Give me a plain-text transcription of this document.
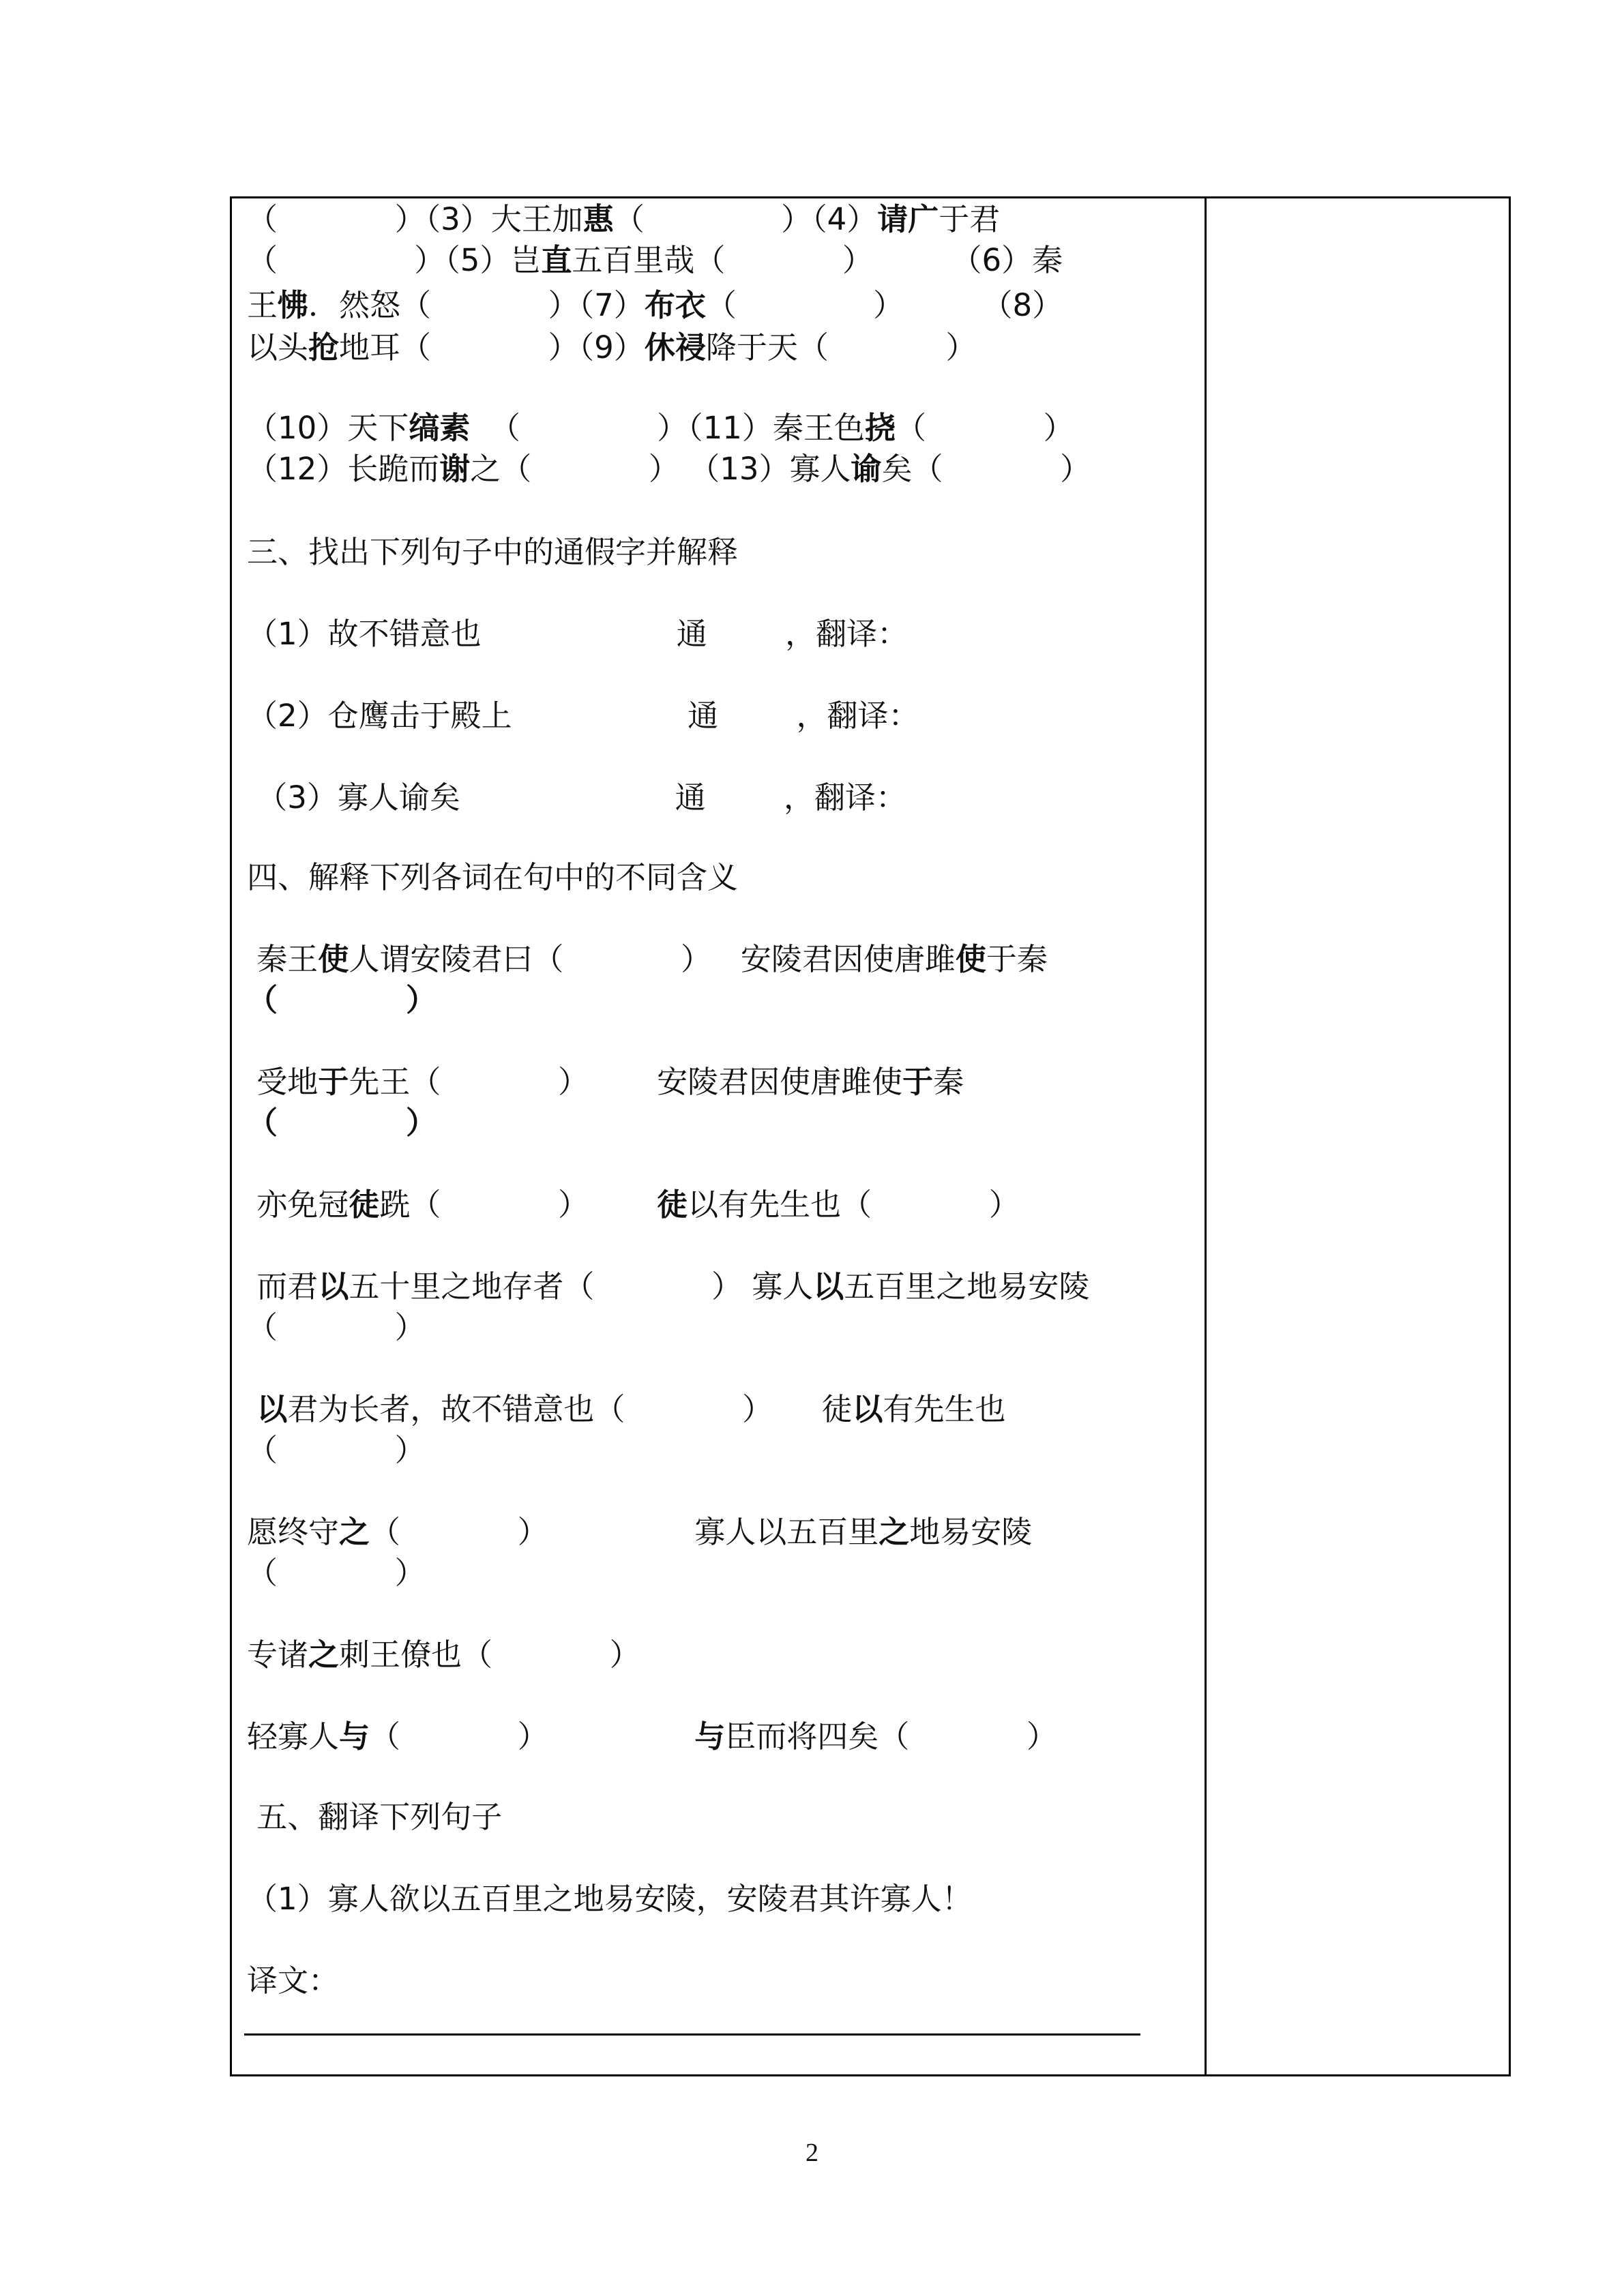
（            ）（3）大王加惠（              ）（4）请广于君
（              ）（5）岂直五百里哉（            ）        （6）秦
王怫．然怒（            ）（7）布衣（              ）        （8）
以头抢地耳（            ）（9）休祲降于天（            ）
（10）天下缟素  （              ）（11）秦王色挠（            ）
（12）长跪而谢之（            ） （13）寡人谕矣（            ）
三、找出下列句子中的通假字并解释
（1）故不错意也                    通        ，翻译：
（2）仓鹰击于殿上                  通        ，翻译：
（3）寡人谕矣                      通        ，翻译：
四、解释下列各词在句中的不同含义
秦王使人谓安陵君曰（            ）   安陵君因使唐雎使于秦
（            ）
受地于先王（            ）       安陵君因使唐雎使于秦
（            ）
亦免冠徒跣（            ）       徒以有先生也（            ）
而君以五十里之地存者（            ） 寡人以五百里之地易安陵
（            ）
以君为长者，故不错意也（            ）     徒以有先生也
（            ）
愿终守之（            ）               寡人以五百里之地易安陵
（            ）
专诸之刺王僚也（            ）
轻寡人与（            ）               与臣而将四矣（            ）
五、翻译下列句子
（1）寡人欲以五百里之地易安陵，安陵君其许寡人！
译文：
2
